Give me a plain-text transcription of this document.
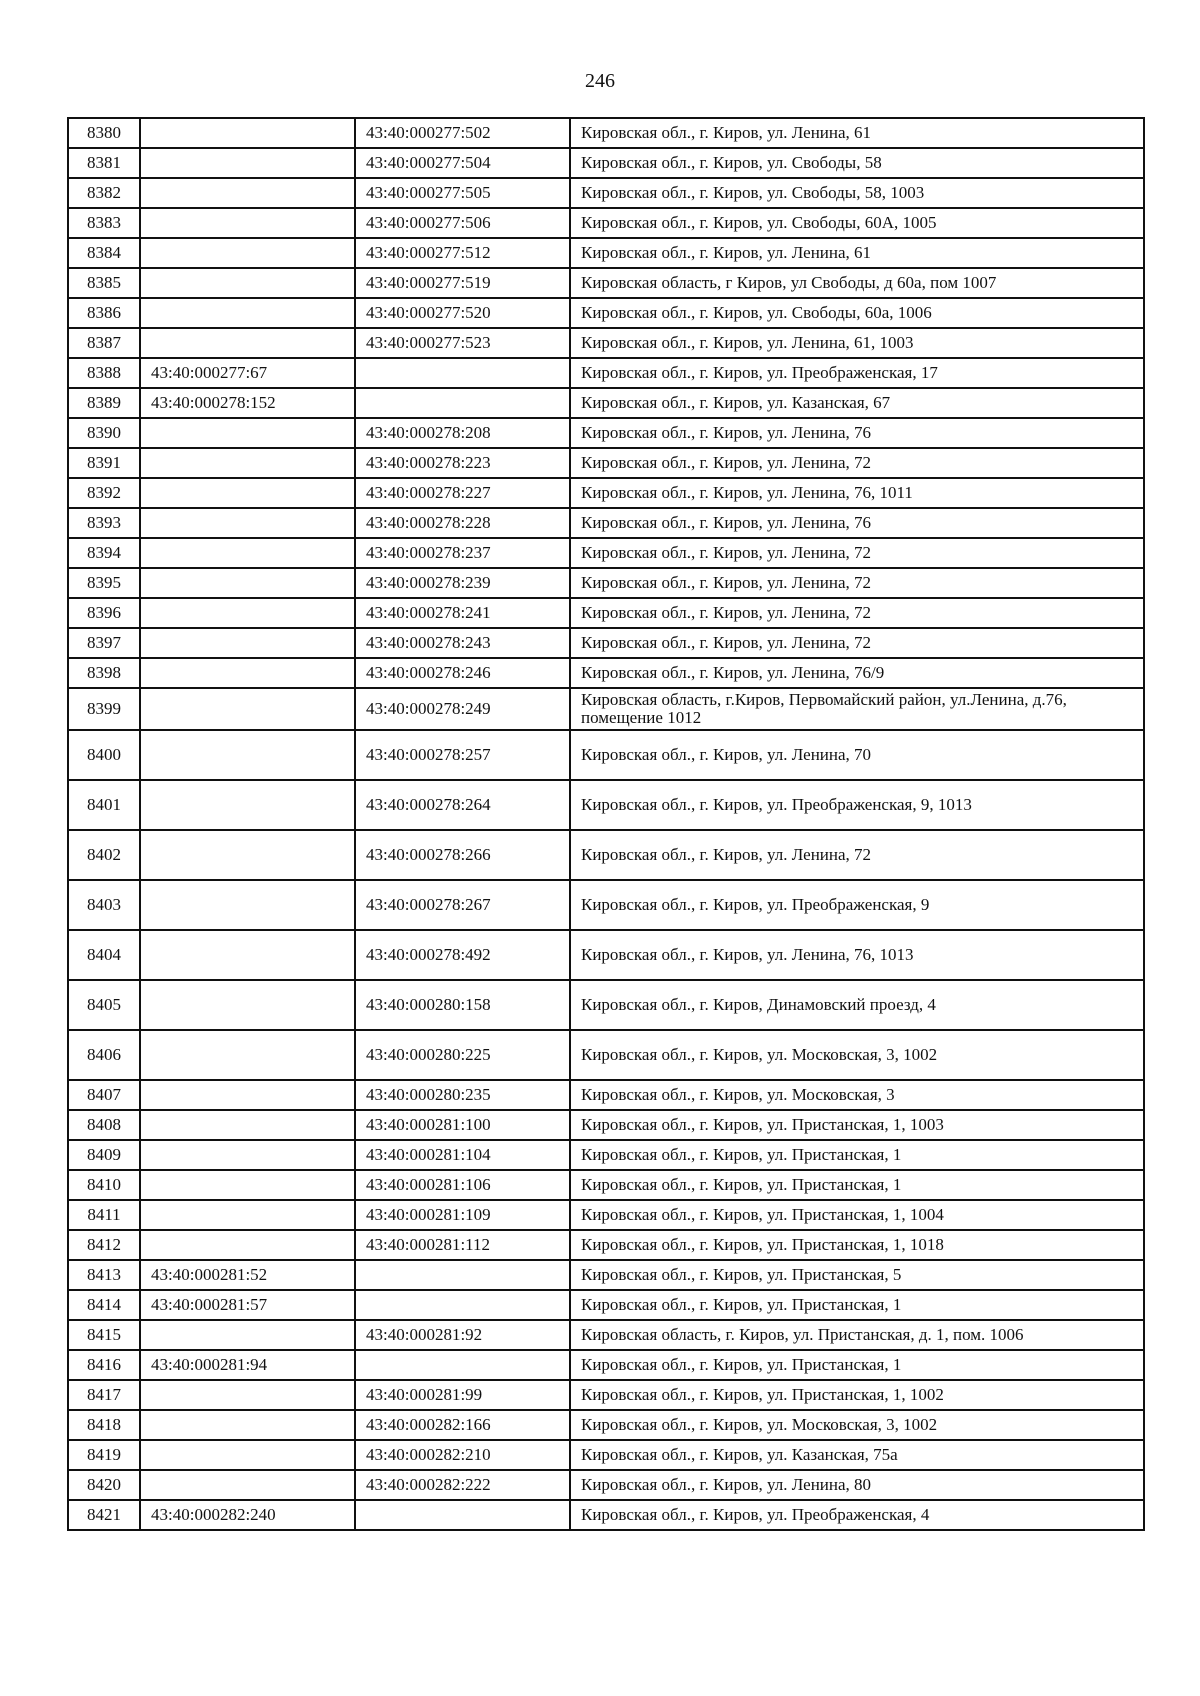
246
8380		43:40:000277:502	Кировская обл., г. Киров, ул. Ленина, 61
8381		43:40:000277:504	Кировская обл., г. Киров, ул. Свободы, 58
8382		43:40:000277:505	Кировская обл., г. Киров, ул. Свободы, 58, 1003
8383		43:40:000277:506	Кировская обл., г. Киров, ул. Свободы, 60А, 1005
8384		43:40:000277:512	Кировская обл., г. Киров, ул. Ленина, 61
8385		43:40:000277:519	Кировская область, г Киров, ул Свободы, д 60а, пом 1007
8386		43:40:000277:520	Кировская обл., г. Киров, ул. Свободы, 60а, 1006
8387		43:40:000277:523	Кировская обл., г. Киров, ул. Ленина, 61, 1003
8388	43:40:000277:67		Кировская обл., г. Киров, ул. Преображенская, 17
8389	43:40:000278:152		Кировская обл., г. Киров, ул. Казанская, 67
8390		43:40:000278:208	Кировская обл., г. Киров, ул. Ленина, 76
8391		43:40:000278:223	Кировская обл., г. Киров, ул. Ленина, 72
8392		43:40:000278:227	Кировская обл., г. Киров, ул. Ленина, 76, 1011
8393		43:40:000278:228	Кировская обл., г. Киров, ул. Ленина, 76
8394		43:40:000278:237	Кировская обл., г. Киров, ул. Ленина, 72
8395		43:40:000278:239	Кировская обл., г. Киров, ул. Ленина, 72
8396		43:40:000278:241	Кировская обл., г. Киров, ул. Ленина, 72
8397		43:40:000278:243	Кировская обл., г. Киров, ул. Ленина, 72
8398		43:40:000278:246	Кировская обл., г. Киров, ул. Ленина, 76/9
8399		43:40:000278:249	Кировская область, г.Киров, Первомайский район, ул.Ленина, д.76, помещение 1012
8400		43:40:000278:257	Кировская обл., г. Киров, ул. Ленина, 70
8401		43:40:000278:264	Кировская обл., г. Киров, ул. Преображенская, 9, 1013
8402		43:40:000278:266	Кировская обл., г. Киров, ул. Ленина, 72
8403		43:40:000278:267	Кировская обл., г. Киров, ул. Преображенская, 9
8404		43:40:000278:492	Кировская обл., г. Киров, ул. Ленина, 76, 1013
8405		43:40:000280:158	Кировская обл., г. Киров, Динамовский проезд, 4
8406		43:40:000280:225	Кировская обл., г. Киров, ул. Московская, 3, 1002
8407		43:40:000280:235	Кировская обл., г. Киров, ул. Московская, 3
8408		43:40:000281:100	Кировская обл., г. Киров, ул. Пристанская, 1, 1003
8409		43:40:000281:104	Кировская обл., г. Киров, ул. Пристанская, 1
8410		43:40:000281:106	Кировская обл., г. Киров, ул. Пристанская, 1
8411		43:40:000281:109	Кировская обл., г. Киров, ул. Пристанская, 1, 1004
8412		43:40:000281:112	Кировская обл., г. Киров, ул. Пристанская, 1, 1018
8413	43:40:000281:52		Кировская обл., г. Киров, ул. Пристанская, 5
8414	43:40:000281:57		Кировская обл., г. Киров, ул. Пристанская, 1
8415		43:40:000281:92	Кировская область, г. Киров, ул. Пристанская, д. 1, пом. 1006
8416	43:40:000281:94		Кировская обл., г. Киров, ул. Пристанская, 1
8417		43:40:000281:99	Кировская обл., г. Киров, ул. Пристанская, 1, 1002
8418		43:40:000282:166	Кировская обл., г. Киров, ул. Московская, 3, 1002
8419		43:40:000282:210	Кировская обл., г. Киров, ул. Казанская, 75а
8420		43:40:000282:222	Кировская обл., г. Киров, ул. Ленина, 80
8421	43:40:000282:240		Кировская обл., г. Киров, ул. Преображенская, 4
